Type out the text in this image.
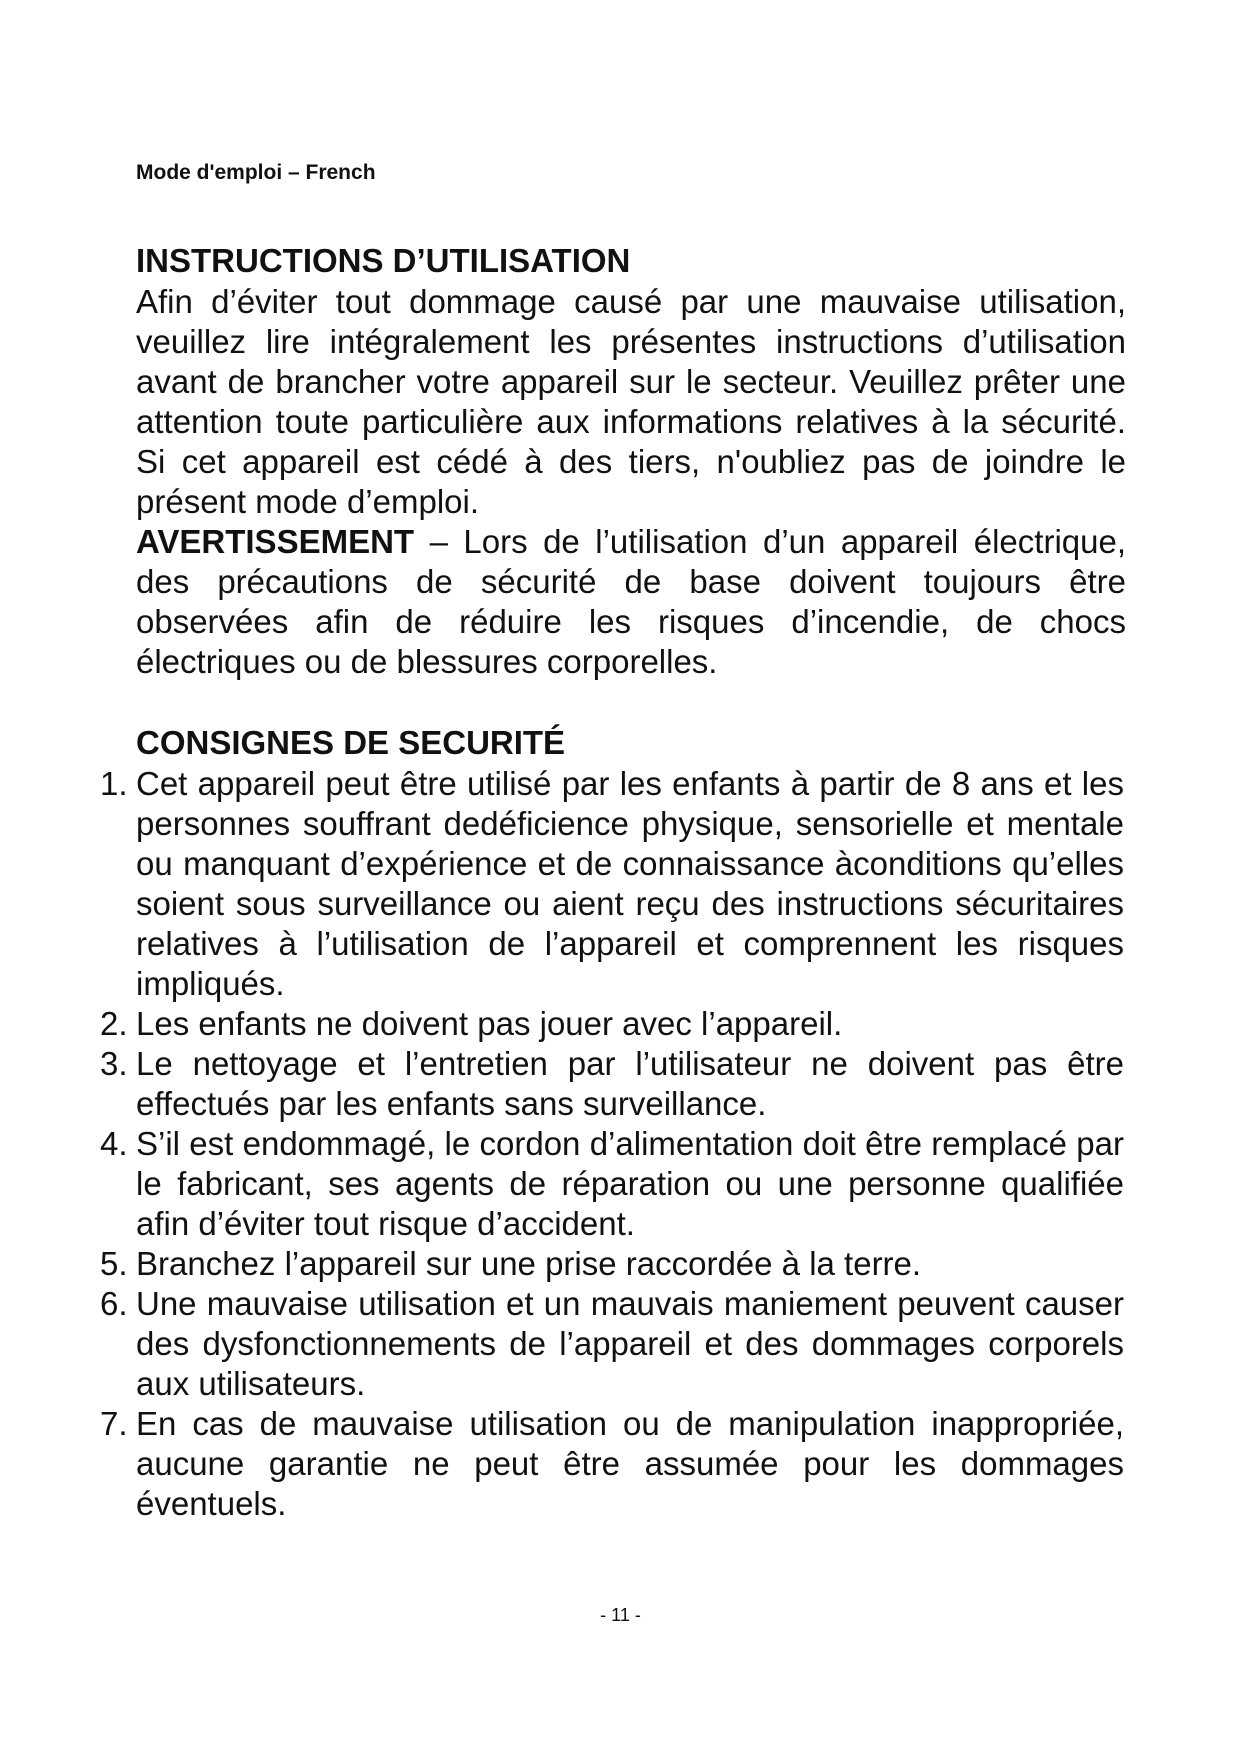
Mode d'emploi – French
INSTRUCTIONS D’UTILISATION

Afin d’éviter tout dommage causé par une mauvaise utilisation, veuillez lire intégralement les présentes instructions d’utilisation avant de brancher votre appareil sur le secteur. Veuillez prêter une attention toute particulière aux informations relatives à la sécurité. Si cet appareil est cédé à des tiers, n'oubliez pas de joindre le présent mode d’emploi.

AVERTISSEMENT – Lors de l’utilisation d’un appareil électrique, des précautions de sécurité de base doivent toujours être observées afin de réduire les risques d’incendie, de chocs électriques ou de blessures corporelles.

CONSIGNES DE SECURITÉ
1. Cet appareil peut être utilisé par les enfants à partir de 8 ans et les personnes souffrant dedéficience physique, sensorielle et mentale ou manquant d’expérience et de connaissance àconditions qu’elles soient sous surveillance ou aient reçu des instructions sécuritaires relatives à l’utilisation de l’appareil et comprennent les risques impliqués.
2. Les enfants ne doivent pas jouer avec l’appareil.
3. Le nettoyage et l’entretien par l’utilisateur ne doivent pas être effectués par les enfants sans surveillance.
4. S’il est endommagé, le cordon d’alimentation doit être remplacé par le fabricant, ses agents de réparation ou une personne qualifiée afin d’éviter tout risque d’accident.
5. Branchez l’appareil sur une prise raccordée à la terre.
6. Une mauvaise utilisation et un mauvais maniement peuvent causer des dysfonctionnements de l’appareil et des dommages corporels aux utilisateurs.
7. En cas de mauvaise utilisation ou de manipulation inappropriée, aucune garantie ne peut être assumée pour les dommages éventuels.
- 11 -
